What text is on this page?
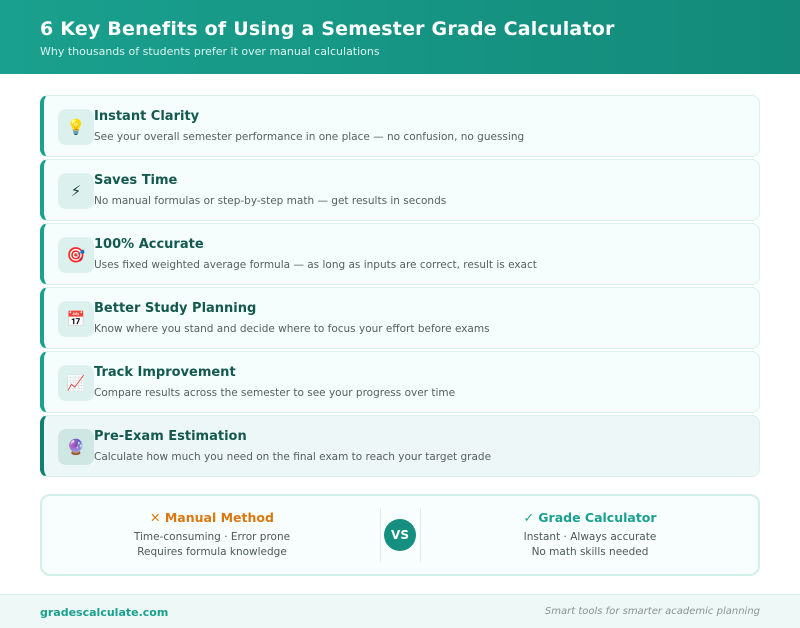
6 Key Benefits of Using a Semester Grade Calculator
Why thousands of students prefer it over manual calculations
💡
Instant Clarity
See your overall semester performance in one place — no confusion, no guessing
⚡
Saves Time
No manual formulas or step-by-step math — get results in seconds
🎯
100% Accurate
Uses fixed weighted average formula — as long as inputs are correct, result is exact
📅
Better Study Planning
Know where you stand and decide where to focus your effort before exams
📈
Track Improvement
Compare results across the semester to see your progress over time
🔮
Pre-Exam Estimation
Calculate how much you need on the final exam to reach your target grade
✕ Manual Method
Time-consuming · Error prone
Requires formula knowledge
VS
✓ Grade Calculator
Instant · Always accurate
No math skills needed
gradescalculate.com	Smart tools for smarter academic planning
